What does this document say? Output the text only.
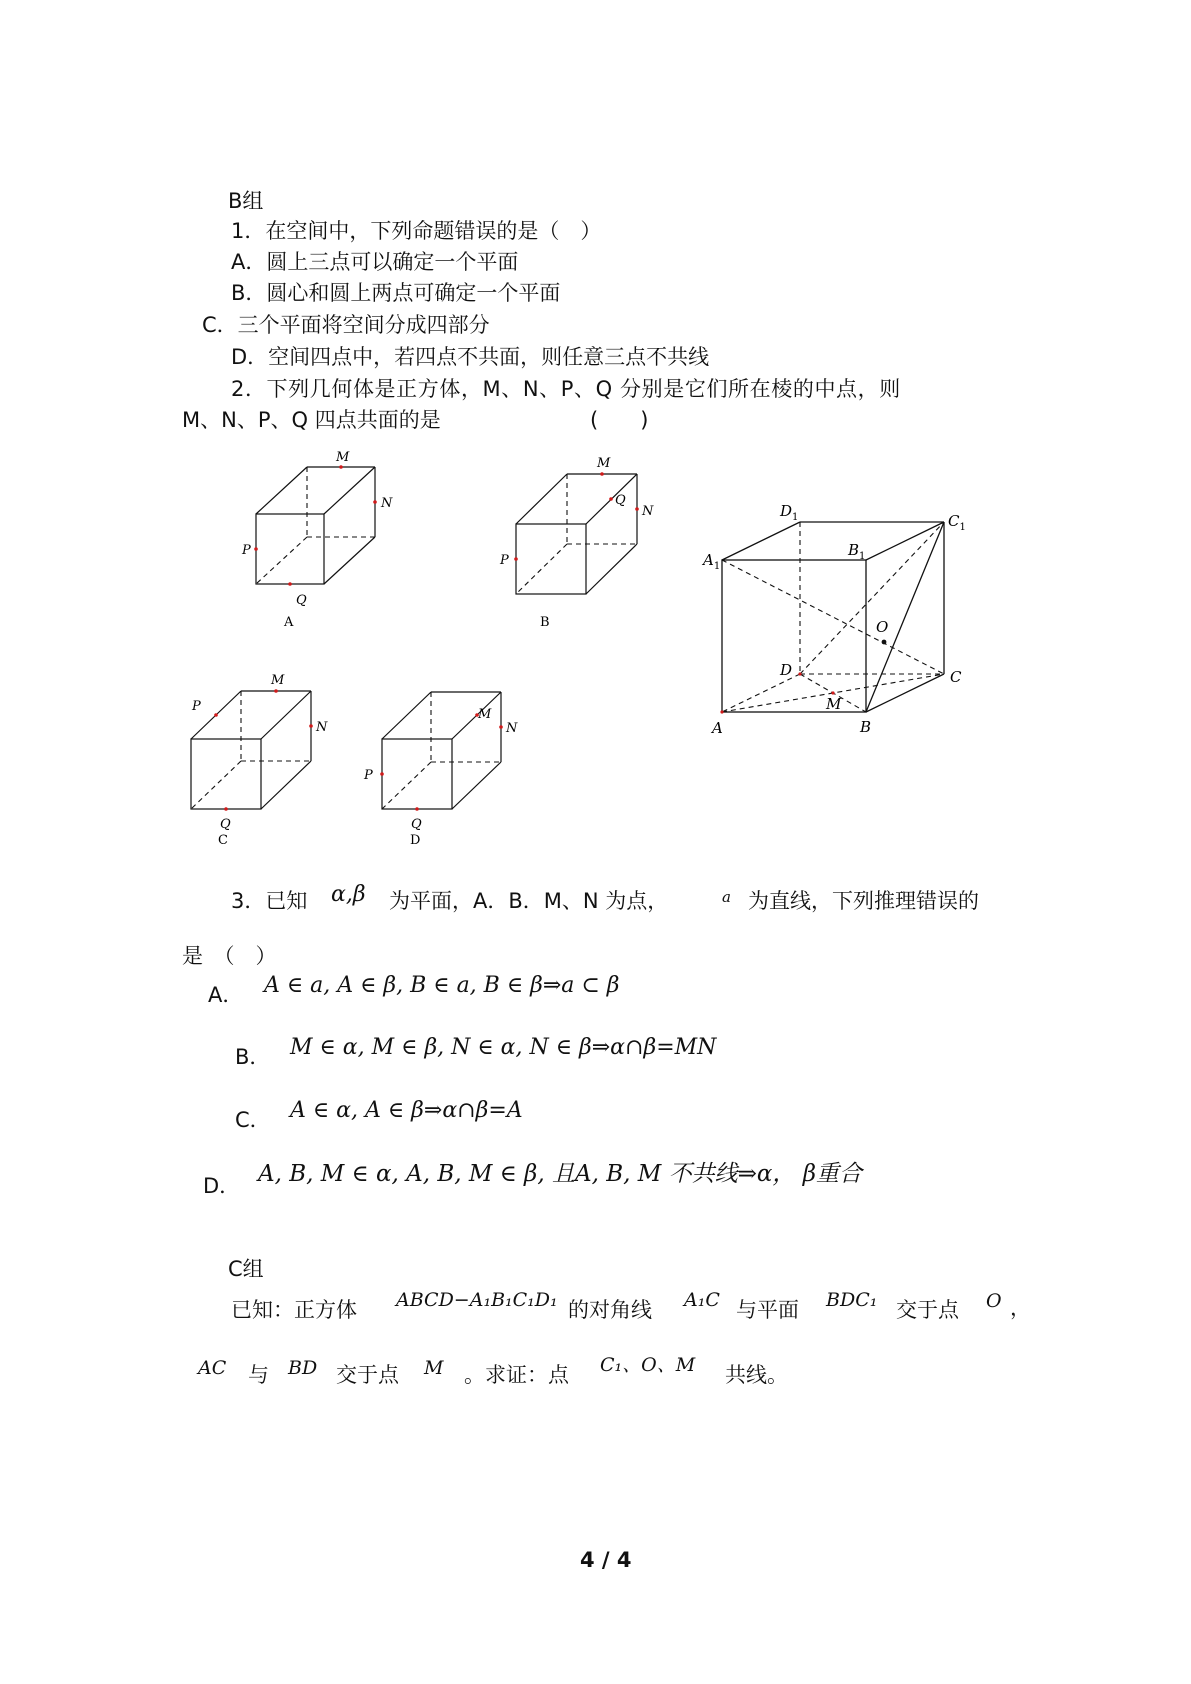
B组
1．在空间中，下列命题错误的是（　）
A．圆上三点可以确定一个平面
B．圆心和圆上两点可确定一个平面
C．三个平面将空间分成四部分
D．空间四点中，若四点不共面，则任意三点不共线
2．下列几何体是正方体，M、N、P、Q 分别是它们所在棱的中点，则
M、N、P、Q 四点共面的是	(　　)
M
N
P
Q
A
M
Q
N
P
B
M
N
P
Q
C
M
N
P
Q
D
$A_1$
$B_1$
$C_1$
$D_1$
D	C
A	B
O
M
3．已知 α,β 为平面，A．B．M、N 为点，	a 为直线，下列推理错误的
是　（　）
A． A ∈ a, A ∈ β, B ∈ a, B ∈ β⇒a ⊂ β
B． M ∈ α, M ∈ β, N ∈ α, N ∈ β⇒α∩β=MN
C． A ∈ α, A ∈ β⇒α∩β=A
D． A, B, M ∈ α, A, B, M ∈ β, 且A, B, M 不共线⇒α， β重合
C组
已知：正方体 ABCD−A₁B₁C₁D₁ 的对角线 A₁C 与平面 BDC₁ 交于点 O ，
AC 与 BD 交于点 M 。求证：点 C₁、O、M 共线。
4 / 4
